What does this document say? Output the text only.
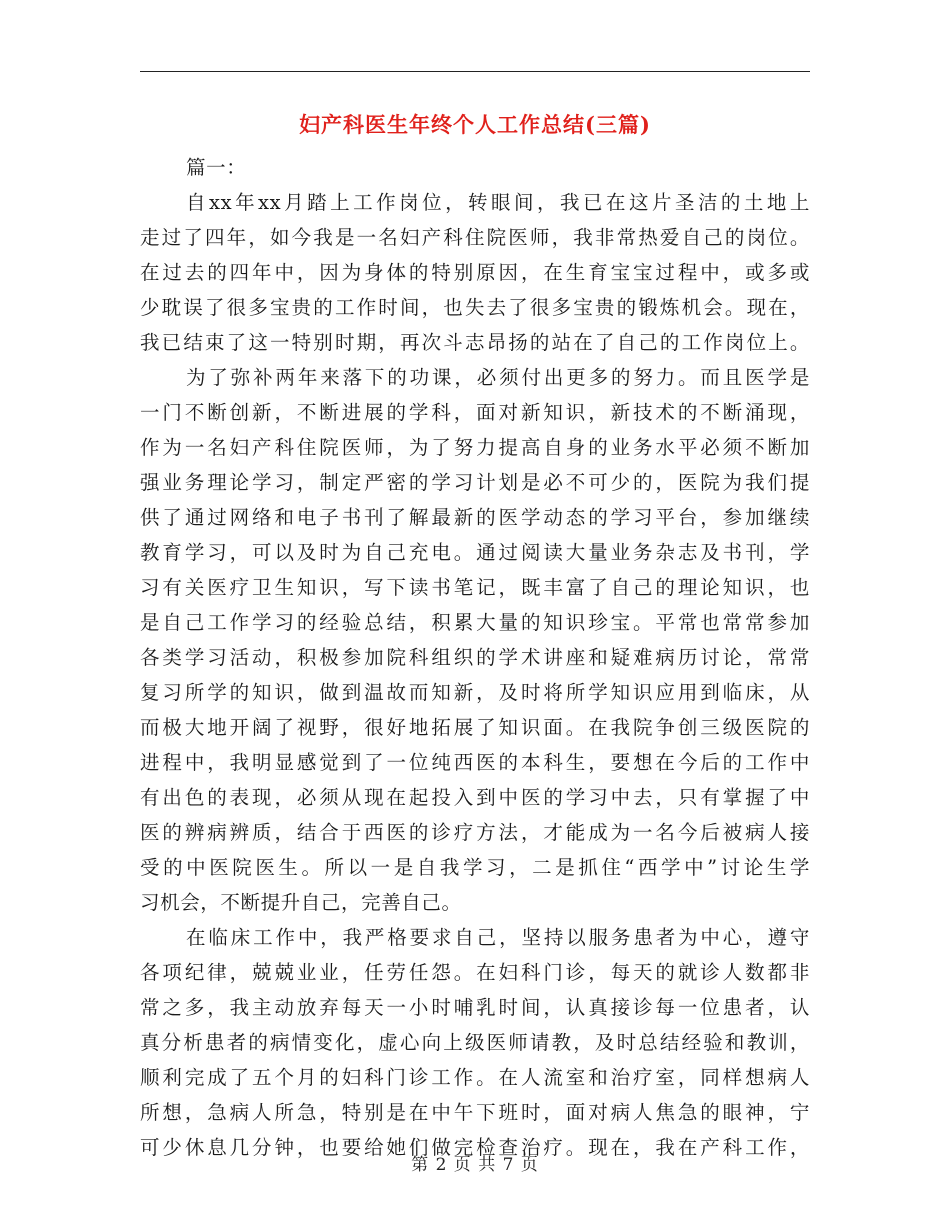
妇产科医生年终个人工作总结(三篇)
篇一：
自xx年xx月踏上工作岗位，转眼间，我已在这片圣洁的土地上
走过了四年，如今我是一名妇产科住院医师，我非常热爱自己的岗位。
在过去的四年中，因为身体的特别原因，在生育宝宝过程中，或多或
少耽误了很多宝贵的工作时间，也失去了很多宝贵的锻炼机会。现在，
我已结束了这一特别时期，再次斗志昂扬的站在了自己的工作岗位上。
为了弥补两年来落下的功课，必须付出更多的努力。而且医学是
一门不断创新，不断进展的学科，面对新知识，新技术的不断涌现，
作为一名妇产科住院医师，为了努力提高自身的业务水平必须不断加
强业务理论学习，制定严密的学习计划是必不可少的，医院为我们提
供了通过网络和电子书刊了解最新的医学动态的学习平台，参加继续
教育学习，可以及时为自己充电。通过阅读大量业务杂志及书刊，学
习有关医疗卫生知识，写下读书笔记，既丰富了自己的理论知识，也
是自己工作学习的经验总结，积累大量的知识珍宝。平常也常常参加
各类学习活动，积极参加院科组织的学术讲座和疑难病历讨论，常常
复习所学的知识，做到温故而知新，及时将所学知识应用到临床，从
而极大地开阔了视野，很好地拓展了知识面。在我院争创三级医院的
进程中，我明显感觉到了一位纯西医的本科生，要想在今后的工作中
有出色的表现，必须从现在起投入到中医的学习中去，只有掌握了中
医的辨病辨质，结合于西医的诊疗方法，才能成为一名今后被病人接
受的中医院医生。所以一是自我学习，二是抓住“西学中”讨论生学
习机会，不断提升自己，完善自己。
在临床工作中，我严格要求自己，坚持以服务患者为中心，遵守
各项纪律，兢兢业业，任劳任怨。在妇科门诊，每天的就诊人数都非
常之多，我主动放弃每天一小时哺乳时间，认真接诊每一位患者，认
真分析患者的病情变化，虚心向上级医师请教，及时总结经验和教训，
顺利完成了五个月的妇科门诊工作。在人流室和治疗室，同样想病人
所想，急病人所急，特别是在中午下班时，面对病人焦急的眼神，宁
可少休息几分钟，也要给她们做完检查治疗。现在，我在产科工作，
第 2 页 共 7 页
